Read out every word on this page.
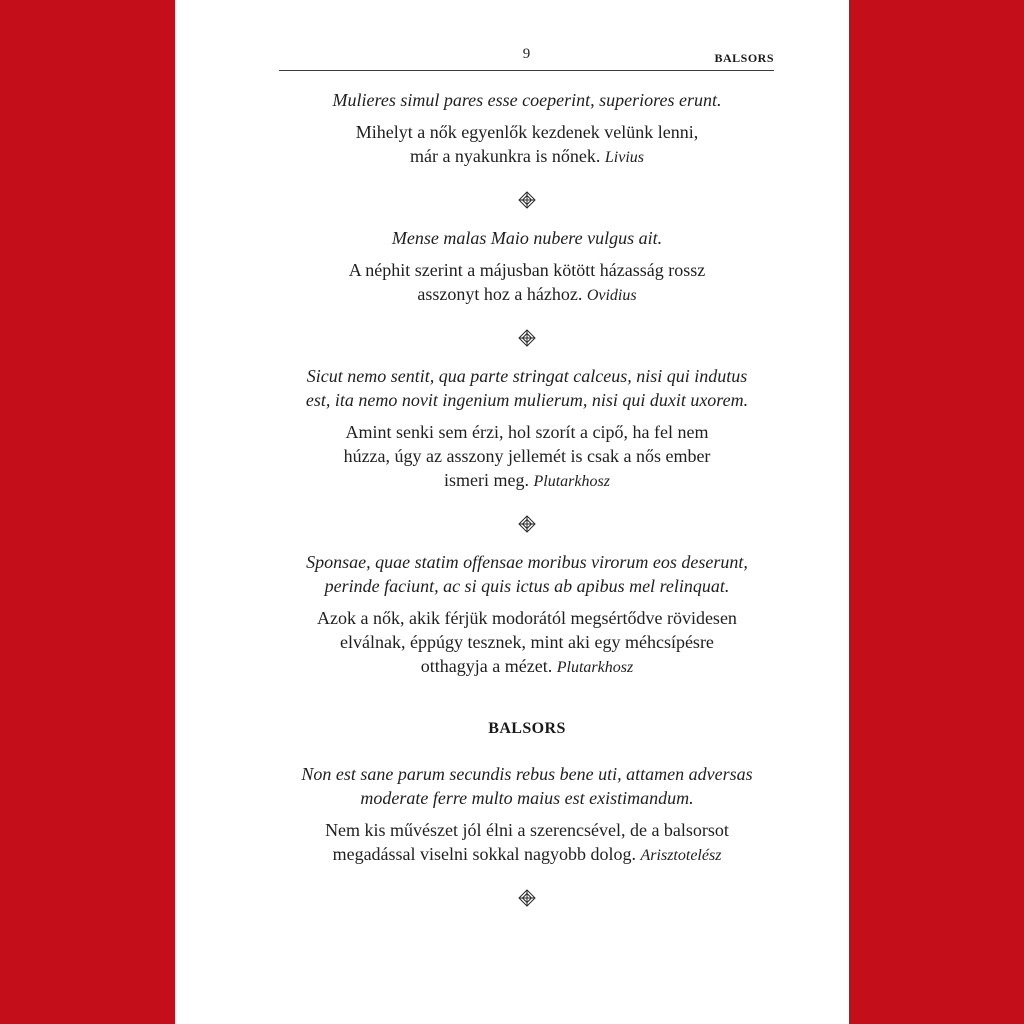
9	BALSORS

Mulieres simul pares esse coeperint, superiores erunt.

Mihelyt a nők egyenlők kezdenek velünk lenni,
már a nyakunkra is nőnek. Livius

Mense malas Maio nubere vulgus ait.

A néphit szerint a májusban kötött házasság rossz
asszonyt hoz a házhoz. Ovidius

Sicut nemo sentit, qua parte stringat calceus, nisi qui indutus
est, ita nemo novit ingenium mulierum, nisi qui duxit uxorem.

Amint senki sem érzi, hol szorít a cipő, ha fel nem
húzza, úgy az asszony jellemét is csak a nős ember
ismeri meg. Plutarkhosz

Sponsae, quae statim offensae moribus virorum eos deserunt,
perinde faciunt, ac si quis ictus ab apibus mel relinquat.

Azok a nők, akik férjük modorától megsértődve rövidesen
elválnak, éppúgy tesznek, mint aki egy méhcsípésre
otthagyja a mézet. Plutarkhosz

BALSORS

Non est sane parum secundis rebus bene uti, attamen adversas
moderate ferre multo maius est existimandum.

Nem kis művészet jól élni a szerencsével, de a balsorsot
megadással viselni sokkal nagyobb dolog. Arisztotelész
